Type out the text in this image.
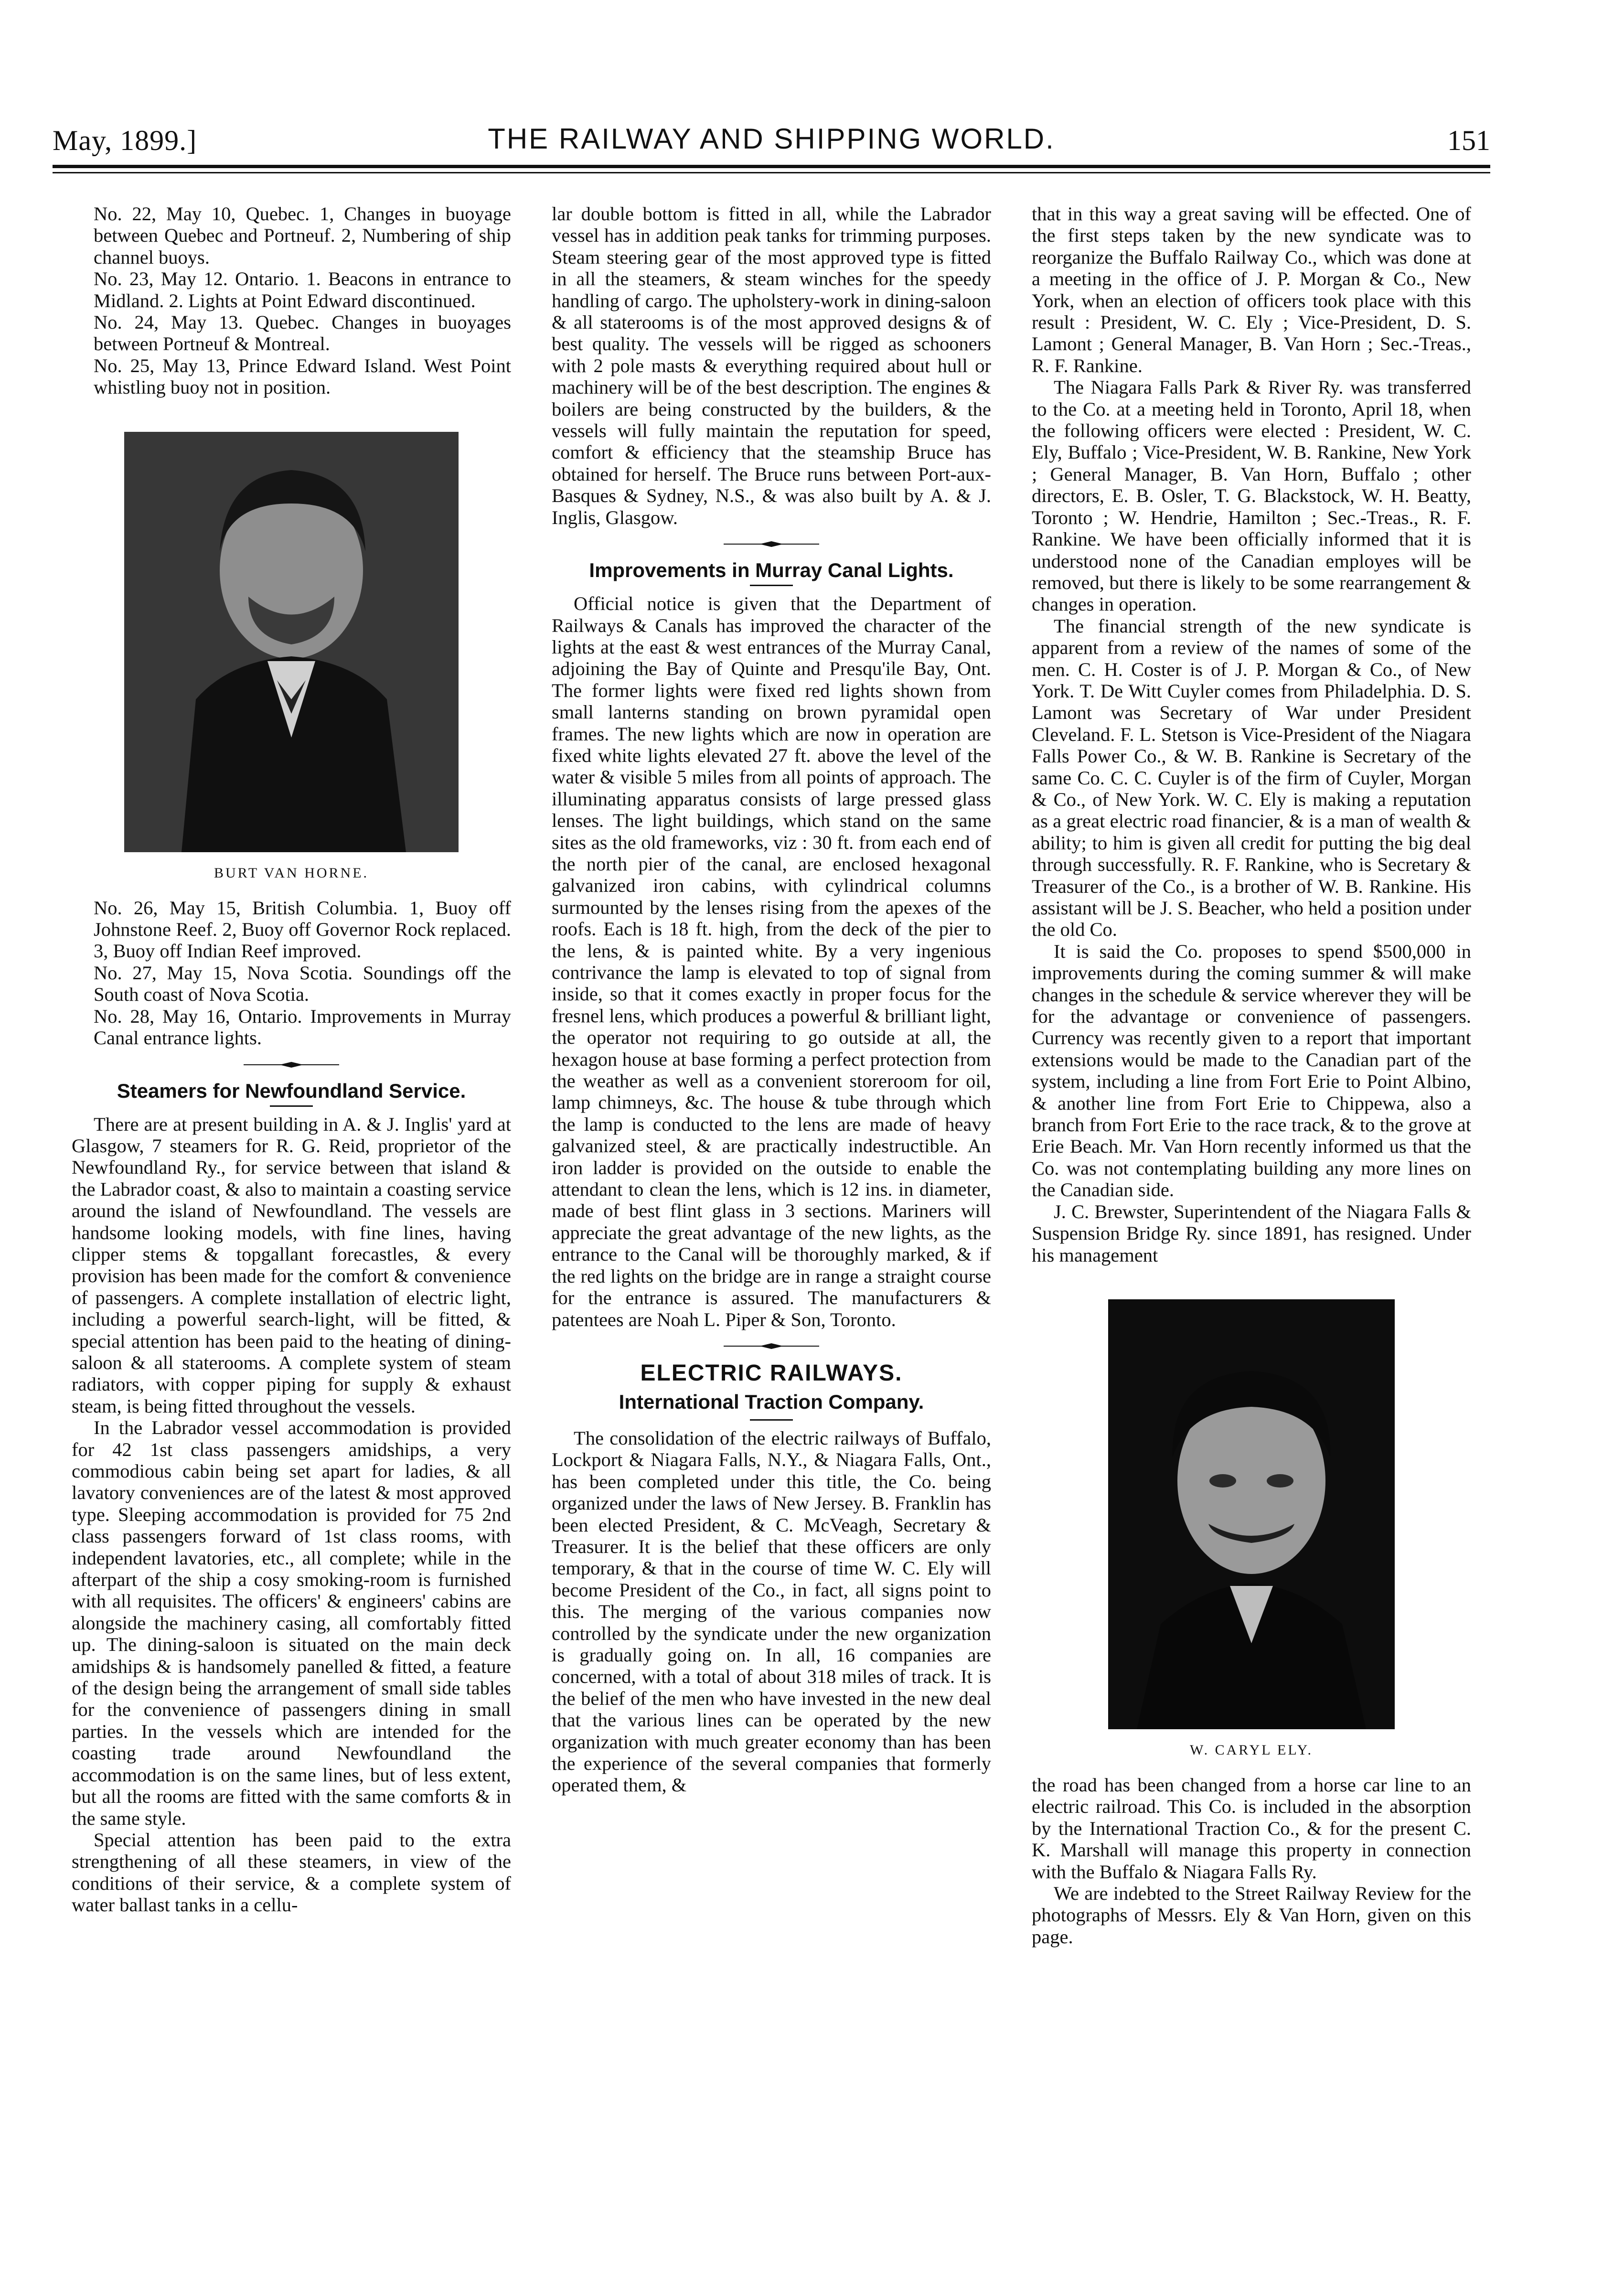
May, 1899.]	THE RAILWAY AND SHIPPING WORLD.	151

No. 22, May 10, Quebec. 1, Changes in buoyage between Quebec and Portneuf. 2, Numbering of ship channel buoys.

No. 23, May 12. Ontario. 1. Beacons in entrance to Midland. 2. Lights at Point Edward discontinued.

No. 24, May 13. Quebec. Changes in buoyages between Portneuf & Montreal.

No. 25, May 13, Prince Edward Island. West Point whistling buoy not in position.

BURT VAN HORNE.

No. 26, May 15, British Columbia. 1, Buoy off Johnstone Reef. 2, Buoy off Governor Rock replaced. 3, Buoy off Indian Reef improved.

No. 27, May 15, Nova Scotia. Soundings off the South coast of Nova Scotia.

No. 28, May 16, Ontario. Improvements in Murray Canal entrance lights.

Steamers for Newfoundland Service.

There are at present building in A. & J. Inglis' yard at Glasgow, 7 steamers for R. G. Reid, proprietor of the Newfoundland Ry., for service between that island & the Labrador coast, & also to maintain a coasting service around the island of Newfoundland. The vessels are handsome looking models, with fine lines, having clipper stems & topgallant forecastles, & every provision has been made for the comfort & convenience of passengers. A complete installation of electric light, including a powerful search-light, will be fitted, & special attention has been paid to the heating of dining-saloon & all staterooms. A complete system of steam radiators, with copper piping for supply & exhaust steam, is being fitted throughout the vessels.

In the Labrador vessel accommodation is provided for 42 1st class passengers amidships, a very commodious cabin being set apart for ladies, & all lavatory conveniences are of the latest & most approved type. Sleeping accommodation is provided for 75 2nd class passengers forward of 1st class rooms, with independent lavatories, etc., all complete; while in the afterpart of the ship a cosy smoking-room is furnished with all requisites. The officers' & engineers' cabins are alongside the machinery casing, all comfortably fitted up. The dining-saloon is situated on the main deck amidships & is handsomely panelled & fitted, a feature of the design being the arrangement of small side tables for the convenience of passengers dining in small parties. In the vessels which are intended for the coasting trade around Newfoundland the accommodation is on the same lines, but of less extent, but all the rooms are fitted with the same comforts & in the same style.

Special attention has been paid to the extra strengthening of all these steamers, in view of the conditions of their service, & a complete system of water ballast tanks in a cellu-

lar double bottom is fitted in all, while the Labrador vessel has in addition peak tanks for trimming purposes. Steam steering gear of the most approved type is fitted in all the steamers, & steam winches for the speedy handling of cargo. The upholstery-work in dining-saloon & all staterooms is of the most approved designs & of best quality. The vessels will be rigged as schooners with 2 pole masts & everything required about hull or machinery will be of the best description. The engines & boilers are being constructed by the builders, & the vessels will fully maintain the reputation for speed, comfort & efficiency that the steamship Bruce has obtained for herself. The Bruce runs between Port-aux-Basques & Sydney, N.S., & was also built by A. & J. Inglis, Glasgow.

Improvements in Murray Canal Lights.

Official notice is given that the Department of Railways & Canals has improved the character of the lights at the east & west entrances of the Murray Canal, adjoining the Bay of Quinte and Presqu'ile Bay, Ont. The former lights were fixed red lights shown from small lanterns standing on brown pyramidal open frames. The new lights which are now in operation are fixed white lights elevated 27 ft. above the level of the water & visible 5 miles from all points of approach. The illuminating apparatus consists of large pressed glass lenses. The light buildings, which stand on the same sites as the old frameworks, viz : 30 ft. from each end of the north pier of the canal, are enclosed hexagonal galvanized iron cabins, with cylindrical columns surmounted by the lenses rising from the apexes of the roofs. Each is 18 ft. high, from the deck of the pier to the lens, & is painted white. By a very ingenious contrivance the lamp is elevated to top of signal from inside, so that it comes exactly in proper focus for the fresnel lens, which produces a powerful & brilliant light, the operator not requiring to go outside at all, the hexagon house at base forming a perfect protection from the weather as well as a convenient storeroom for oil, lamp chimneys, &c. The house & tube through which the lamp is conducted to the lens are made of heavy galvanized steel, & are practically indestructible. An iron ladder is provided on the outside to enable the attendant to clean the lens, which is 12 ins. in diameter, made of best flint glass in 3 sections. Mariners will appreciate the great advantage of the new lights, as the entrance to the Canal will be thoroughly marked, & if the red lights on the bridge are in range a straight course for the entrance is assured. The manufacturers & patentees are Noah L. Piper & Son, Toronto.

ELECTRIC RAILWAYS.
International Traction Company.

The consolidation of the electric railways of Buffalo, Lockport & Niagara Falls, N.Y., & Niagara Falls, Ont., has been completed under this title, the Co. being organized under the laws of New Jersey. B. Franklin has been elected President, & C. McVeagh, Secretary & Treasurer. It is the belief that these officers are only temporary, & that in the course of time W. C. Ely will become President of the Co., in fact, all signs point to this. The merging of the various companies now controlled by the syndicate under the new organization is gradually going on. In all, 16 companies are concerned, with a total of about 318 miles of track. It is the belief of the men who have invested in the new deal that the various lines can be operated by the new organization with much greater economy than has been the experience of the several companies that formerly operated them, &

that in this way a great saving will be effected. One of the first steps taken by the new syndicate was to reorganize the Buffalo Railway Co., which was done at a meeting in the office of J. P. Morgan & Co., New York, when an election of officers took place with this result : President, W. C. Ely ; Vice-President, D. S. Lamont ; General Manager, B. Van Horn ; Sec.-Treas., R. F. Rankine.

The Niagara Falls Park & River Ry. was transferred to the Co. at a meeting held in Toronto, April 18, when the following officers were elected : President, W. C. Ely, Buffalo ; Vice-President, W. B. Rankine, New York ; General Manager, B. Van Horn, Buffalo ; other directors, E. B. Osler, T. G. Blackstock, W. H. Beatty, Toronto ; W. Hendrie, Hamilton ; Sec.-Treas., R. F. Rankine. We have been officially informed that it is understood none of the Canadian employes will be removed, but there is likely to be some rearrangement & changes in operation.

The financial strength of the new syndicate is apparent from a review of the names of some of the men. C. H. Coster is of J. P. Morgan & Co., of New York. T. De Witt Cuyler comes from Philadelphia. D. S. Lamont was Secretary of War under President Cleveland. F. L. Stetson is Vice-President of the Niagara Falls Power Co., & W. B. Rankine is Secretary of the same Co. C. C. Cuyler is of the firm of Cuyler, Morgan & Co., of New York. W. C. Ely is making a reputation as a great electric road financier, & is a man of wealth & ability; to him is given all credit for putting the big deal through successfully. R. F. Rankine, who is Secretary & Treasurer of the Co., is a brother of W. B. Rankine. His assistant will be J. S. Beacher, who held a position under the old Co.

It is said the Co. proposes to spend $500,000 in improvements during the coming summer & will make changes in the schedule & service wherever they will be for the advantage or convenience of passengers. Currency was recently given to a report that important extensions would be made to the Canadian part of the system, including a line from Fort Erie to Point Albino, & another line from Fort Erie to Chippewa, also a branch from Fort Erie to the race track, & to the grove at Erie Beach. Mr. Van Horn recently informed us that the Co. was not contemplating building any more lines on the Canadian side.

J. C. Brewster, Superintendent of the Niagara Falls & Suspension Bridge Ry. since 1891, has resigned. Under his management

W. CARYL ELY.

the road has been changed from a horse car line to an electric railroad. This Co. is included in the absorption by the International Traction Co., & for the present C. K. Marshall will manage this property in connection with the Buffalo & Niagara Falls Ry.

We are indebted to the Street Railway Review for the photographs of Messrs. Ely & Van Horn, given on this page.
